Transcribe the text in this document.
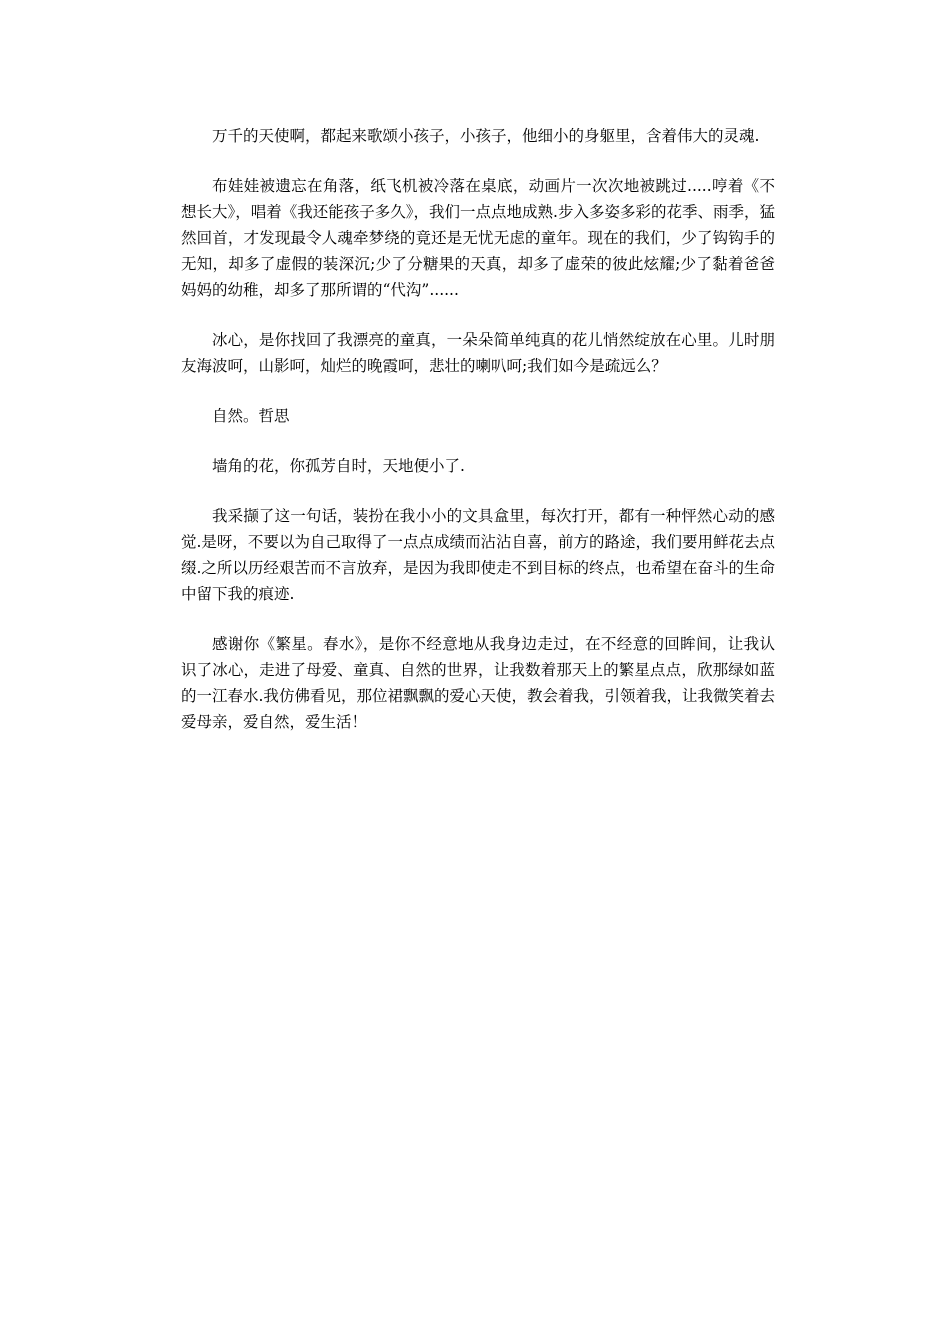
万千的天使啊，都起来歌颂小孩子，小孩子，他细小的身躯里，含着伟大的灵魂.

布娃娃被遗忘在角落，纸飞机被冷落在桌底，动画片一次次地被跳过.....哼着《不想长大》，唱着《我还能孩子多久》，我们一点点地成熟.步入多姿多彩的花季、雨季，猛然回首，才发现最令人魂牵梦绕的竟还是无忧无虑的童年。现在的我们，少了钩钩手的无知，却多了虚假的装深沉;少了分糖果的天真，却多了虚荣的彼此炫耀;少了黏着爸爸妈妈的幼稚，却多了那所谓的“代沟”......

冰心，是你找回了我漂亮的童真，一朵朵简单纯真的花儿悄然绽放在心里。儿时朋友海波呵，山影呵，灿烂的晚霞呵，悲壮的喇叭呵;我们如今是疏远么？

自然。哲思

墙角的花，你孤芳自时，天地便小了.

我采撷了这一句话，装扮在我小小的文具盒里，每次打开，都有一种怦然心动的感觉.是呀，不要以为自己取得了一点点成绩而沾沾自喜，前方的路途，我们要用鲜花去点缀.之所以历经艰苦而不言放弃，是因为我即使走不到目标的终点，也希望在奋斗的生命中留下我的痕迹.

感谢你《繁星。春水》，是你不经意地从我身边走过，在不经意的回眸间，让我认识了冰心，走进了母爱、童真、自然的世界，让我数着那天上的繁星点点，欣那绿如蓝的一江春水.我仿佛看见，那位裙飘飘的爱心天使，教会着我，引领着我，让我微笑着去爱母亲，爱自然，爱生活！
